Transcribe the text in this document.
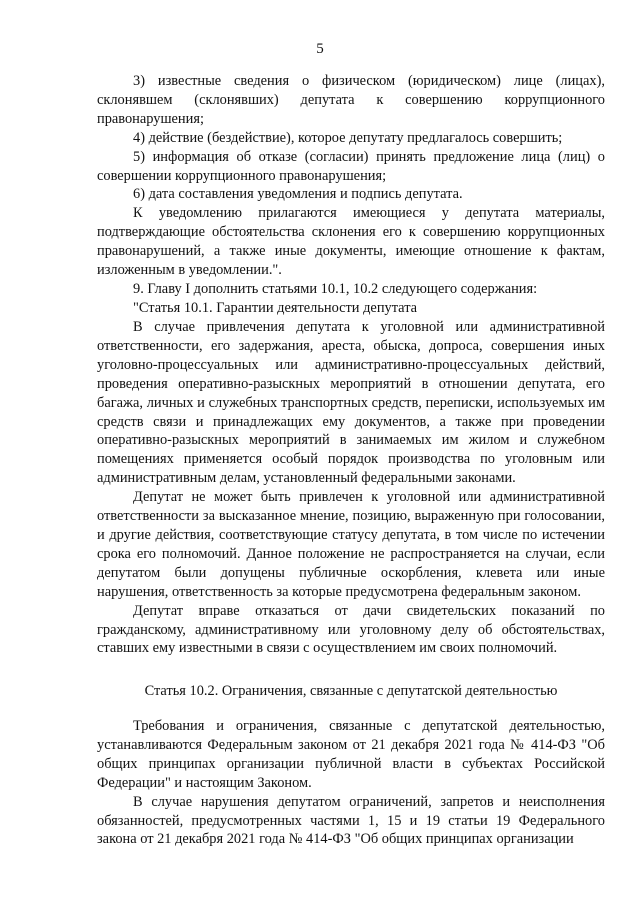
5

3) известные сведения о физическом (юридическом) лице (лицах), склонявшем (склонявших) депутата к совершению коррупционного правонарушения;

4) действие (бездействие), которое депутату предлагалось совершить;

5) информация об отказе (согласии) принять предложение лица (лиц) о совершении коррупционного правонарушения;

6) дата составления уведомления и подпись депутата.

К уведомлению прилагаются имеющиеся у депутата материалы, подтверждающие обстоятельства склонения его к совершению коррупционных правонарушений, а также иные документы, имеющие отношение к фактам, изложенным в уведомлении.".

9. Главу I дополнить статьями 10.1, 10.2 следующего содержания:

"Статья 10.1. Гарантии деятельности депутата

В случае привлечения депутата к уголовной или административной ответственности, его задержания, ареста, обыска, допроса, совершения иных уголовно-процессуальных или административно-процессуальных действий, проведения оперативно-разыскных мероприятий в отношении депутата, его багажа, личных и служебных транспортных средств, переписки, используемых им средств связи и принадлежащих ему документов, а также при проведении оперативно-разыскных мероприятий в занимаемых им жилом и служебном помещениях применяется особый порядок производства по уголовным или административным делам, установленный федеральными законами.

Депутат не может быть привлечен к уголовной или административной ответственности за высказанное мнение, позицию, выраженную при голосовании, и другие действия, соответствующие статусу депутата, в том числе по истечении срока его полномочий. Данное положение не распространяется на случаи, если депутатом были допущены публичные оскорбления, клевета или иные нарушения, ответственность за которые предусмотрена федеральным законом.

Депутат вправе отказаться от дачи свидетельских показаний по гражданскому, административному или уголовному делу об обстоятельствах, ставших ему известными в связи с осуществлением им своих полномочий.

Статья 10.2. Ограничения, связанные с депутатской деятельностью

Требования и ограничения, связанные с депутатской деятельностью, устанавливаются Федеральным законом от 21 декабря 2021 года № 414-ФЗ "Об общих принципах организации публичной власти в субъектах Российской Федерации" и настоящим Законом.

В случае нарушения депутатом ограничений, запретов и неисполнения обязанностей, предусмотренных частями 1, 15 и 19 статьи 19 Федерального закона от 21 декабря 2021 года № 414-ФЗ "Об общих принципах организации
